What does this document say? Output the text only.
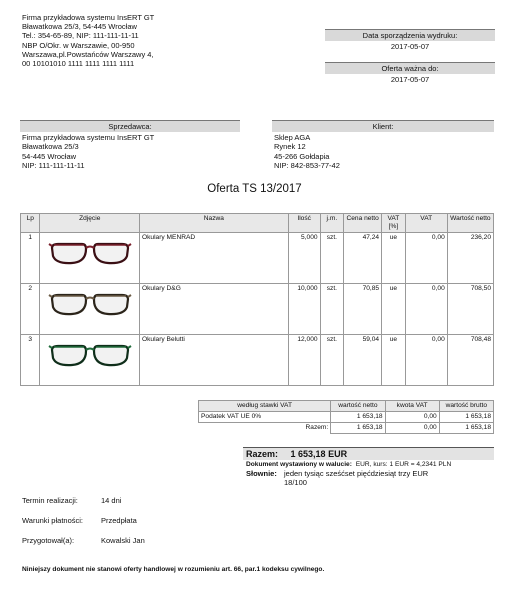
Firma przykładowa systemu InsERT GT
Bławatkowa 25/3, 54-445 Wrocław
Tel.: 354-65-89, NIP: 111-111-11-11
NBP O/Okr. w Warszawie, 00-950
Warszawa,pl.Powstańców Warszawy 4,
00 10101010 1111 1111 1111 1111
Data sporządzenia wydruku:
2017-05-07
Oferta ważna do:
2017-05-07
Sprzedawca:
Firma przykładowa systemu InsERT GT
Bławatkowa 25/3
54-445 Wrocław
NIP: 111-111-11-11
Klient:
Sklep AGA
Rynek 12
45-266 Gołdapia
NIP: 842-853-77-42
Oferta TS 13/2017
Lp	Zdjęcie	Nazwa	Ilość	j.m.	Cena netto	VAT [%]	VAT	Wartość netto
1		Okulary MENRAD	5,000	szt.	47,24	ue	0,00	236,20
2		Okulary D&G	10,000	szt.	70,85	ue	0,00	708,50
3		Okulary Belutti	12,000	szt.	59,04	ue	0,00	708,48
według stawki VAT	wartość netto	kwota VAT	wartość brutto
Podatek VAT UE 0%	1 653,18	0,00	1 653,18
Razem:	1 653,18	0,00	1 653,18
Razem: 1 653,18 EUR
Dokument wystawiony w walucie: EUR, kurs: 1 EUR = 4,2341 PLN
Słownie: jeden tysiąc sześćset pięćdziesiąt trzy EUR
18/100
Termin realizacji:	14 dni
Warunki płatności:	Przedpłata
Przygotował(a):	Kowalski Jan
Niniejszy dokument nie stanowi oferty handlowej w rozumieniu art. 66, par.1 kodeksu cywilnego.
